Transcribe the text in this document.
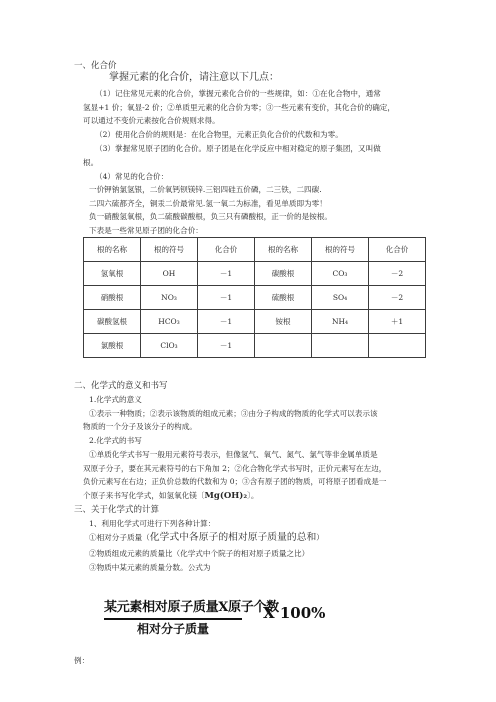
一、化合价
掌握元素的化合价，请注意以下几点：
（1）记住常见元素的化合价，掌握元素化合价的一些规律，如：①在化合物中，通常
氢显+1 价；氧显-2 价；②单质里元素的化合价为零；③一些元素有变价，其化合价的确定，
可以通过不变价元素按化合价规则求得。
（2）使用化合价的规则是：在化合物里，元素正负化合价的代数和为零。
（3）掌握常见原子团的化合价。原子团是在化学反应中相对稳定的原子集团，又叫做
根。
（4）常见的化合价：
一价钾钠氯氢银，二价氧钙钡镁锌.三铝四硅五价磷，二三铁，二四碳.
二四六硫都齐全，铜汞二价最常见.氢一氧二为标准，看见单质即为零！
负一硝酸氢氧根，负二硫酸碳酸根，负三只有磷酸根，正一价的是铵根。
下表是一些常见原子团的化合价：
根的名称	根的符号	化合价	根的名称	根的符号	化合价
氢氧根	OH	－1	碳酸根	CO₃	－2
硝酸根	NO₃	－1	硫酸根	SO₄	－2
碳酸氢根	HCO₃	－1	铵根	NH₄	＋1
氯酸根	ClO₃	－1			
二、化学式的意义和书写
1.化学式的意义
①表示一种物质；②表示该物质的组成元素；③由分子构成的物质的化学式可以表示该
物质的一个分子及该分子的构成。
2.化学式的书写
①单质化学式书写一般用元素符号表示，但像氢气、氧气、氮气、氯气等非金属单质是
双原子分子，要在其元素符号的右下角加 2；②化合物化学式书写时，正价元素写在左边，
负价元素写在右边；正负价总数的代数和为 0；③含有原子团的物质，可将原子团看成是一
个原子来书写化学式，如氢氧化镁〔Mg(OH)₂〕。
三、关于化学式的计算
1、利用化学式可进行下列各种计算：
①相对分子质量（化学式中各原子的相对原子质量的总和）
②物质组成元素的质量比（化学式中个院子的相对原子质量之比）
③物质中某元素的质量分数。公式为
某元素相对原子质量X原子个数
相对分子质量
X 100%
例：
